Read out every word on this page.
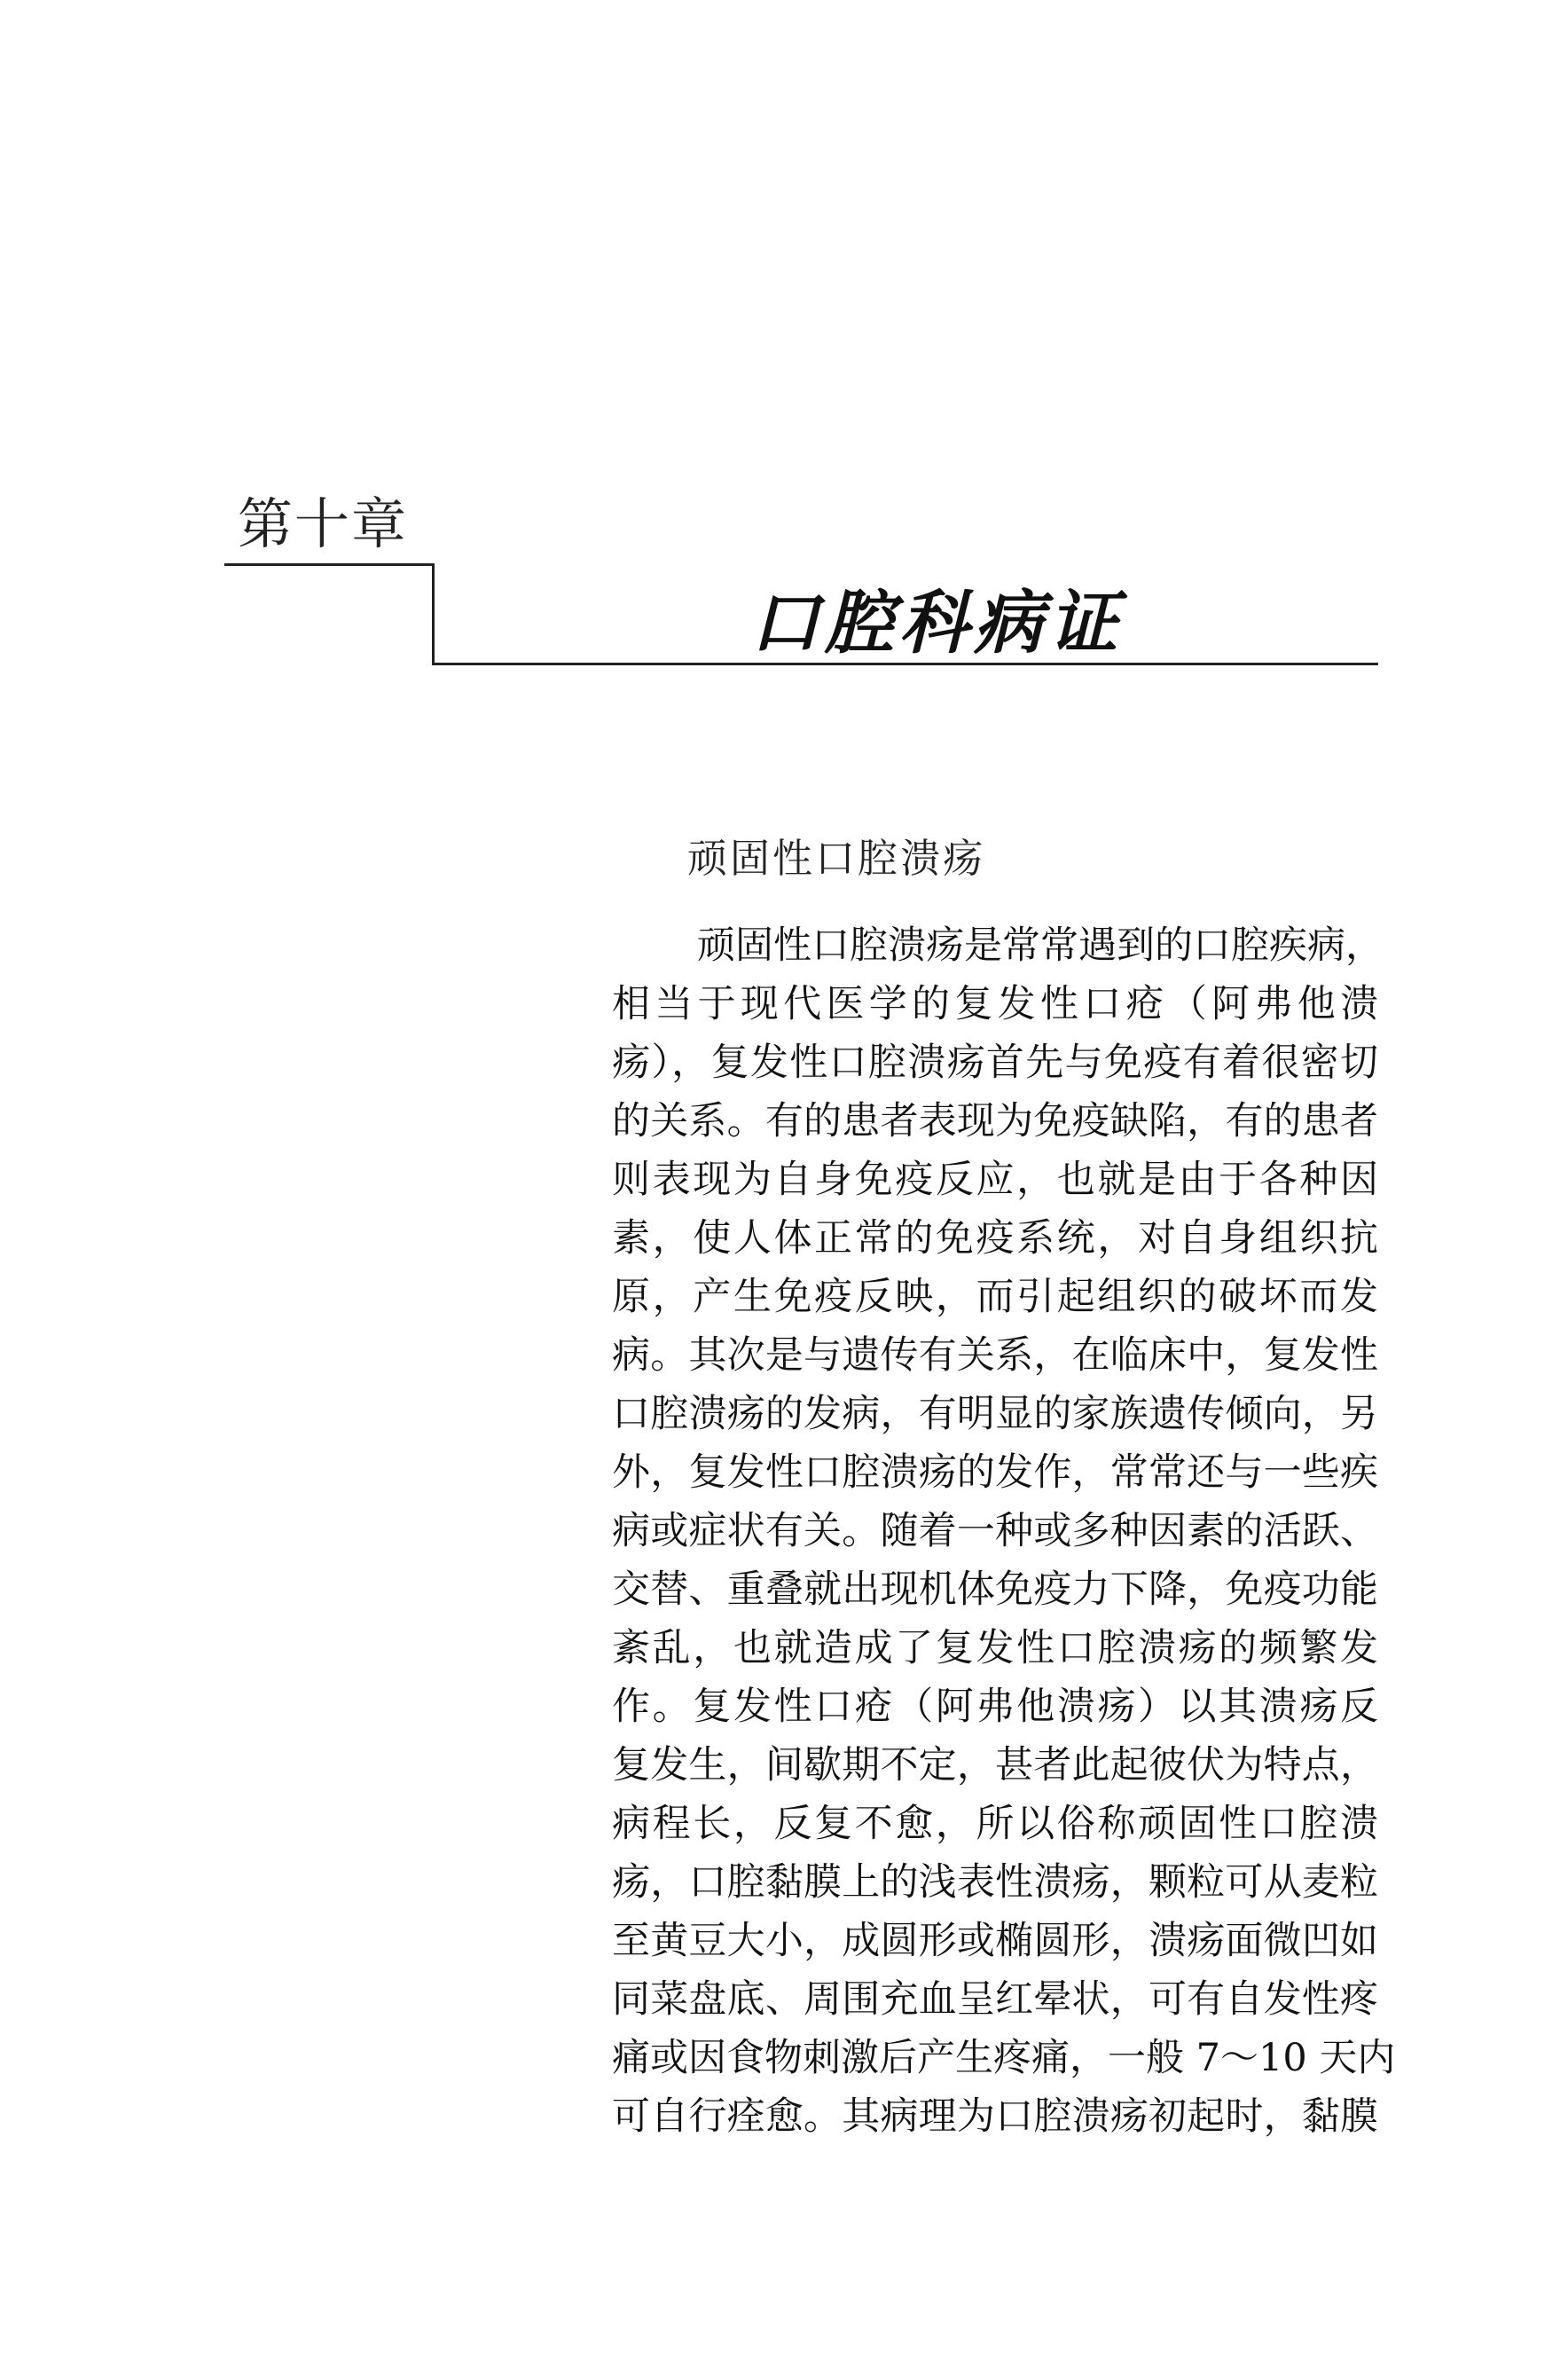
第十章
口腔科病证
顽固性口腔溃疡
顽固性口腔溃疡是常常遇到的口腔疾病，
相当于现代医学的复发性口疮（阿弗他溃
疡），复发性口腔溃疡首先与免疫有着很密切
的关系。有的患者表现为免疫缺陷，有的患者
则表现为自身免疫反应，也就是由于各种因
素，使人体正常的免疫系统，对自身组织抗
原，产生免疫反映，而引起组织的破坏而发
病。其次是与遗传有关系，在临床中，复发性
口腔溃疡的发病，有明显的家族遗传倾向，另
外，复发性口腔溃疡的发作，常常还与一些疾
病或症状有关。随着一种或多种因素的活跃、
交替、重叠就出现机体免疫力下降，免疫功能
紊乱，也就造成了复发性口腔溃疡的频繁发
作。复发性口疮（阿弗他溃疡）以其溃疡反
复发生，间歇期不定，甚者此起彼伏为特点，
病程长，反复不愈，所以俗称顽固性口腔溃
疡，口腔黏膜上的浅表性溃疡，颗粒可从麦粒
至黄豆大小，成圆形或椭圆形，溃疡面微凹如
同菜盘底、周围充血呈红晕状，可有自发性疼
痛或因食物刺激后产生疼痛，一般 7～10 天内
可自行痊愈。其病理为口腔溃疡初起时，黏膜
